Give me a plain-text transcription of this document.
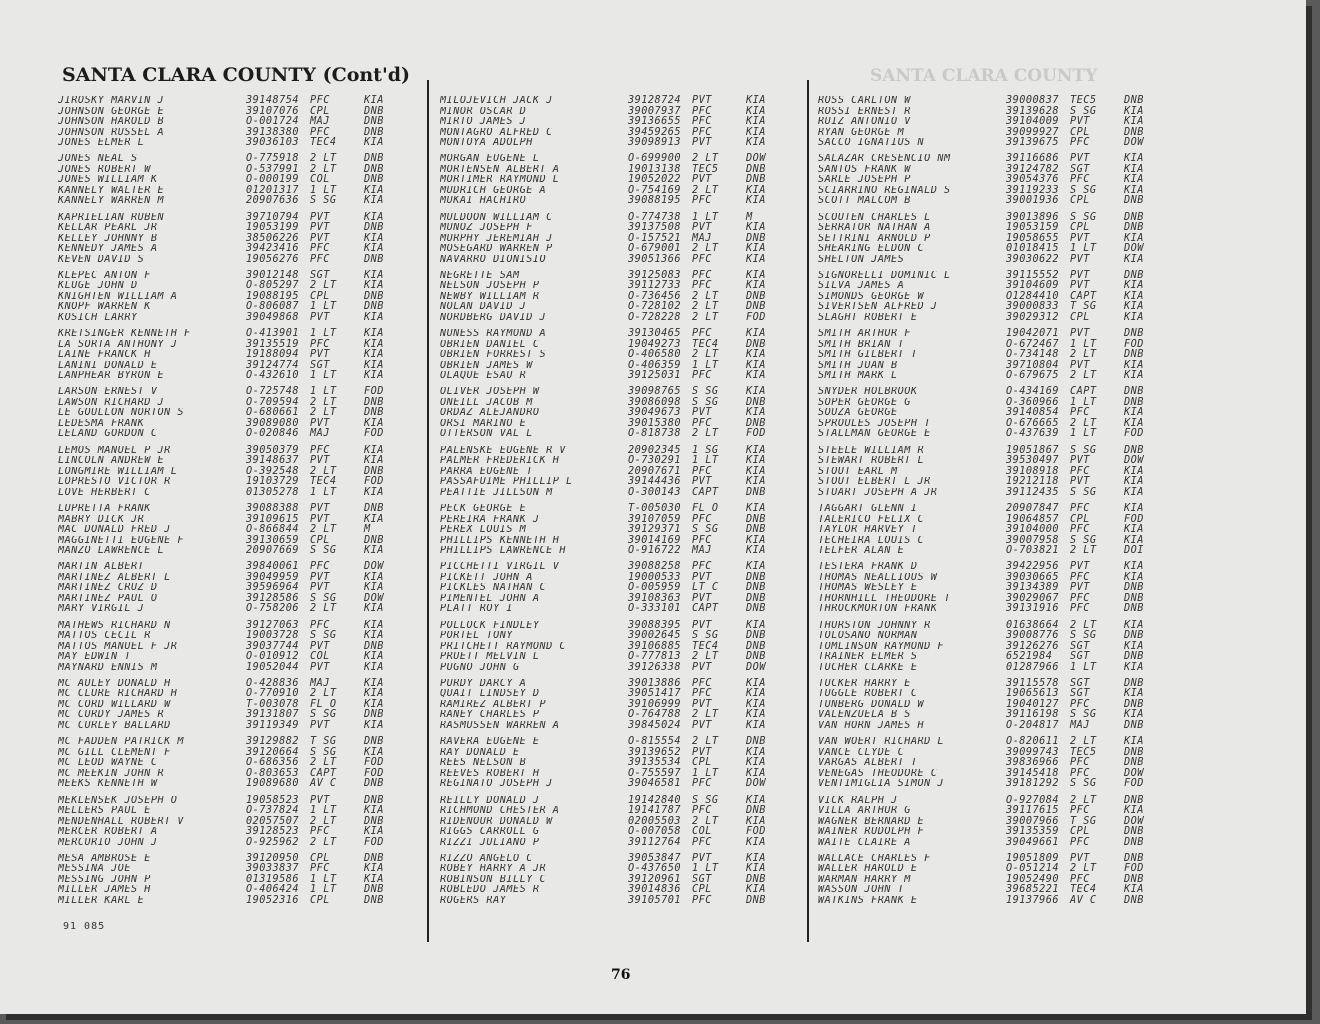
SANTA CLARA COUNTY
SANTA CLARA COUNTY (Cont'd)
JIROSKY MARVIN J	39148754	PFC	KIA
JOHNSON GEORGE E	39107076	CPL	DNB
JOHNSON HAROLD B	O-001724	MAJ	DNB
JOHNSON RUSSEL A	39138380	PFC	DNB
JONES ELMER L	39036103	TEC4	KIA
JONES NEAL S	O-775918	2 LT	DNB
JONES ROBERT W	O-537991	2 LT	DNB
JONES WILLIAM K	O-000199	COL	DNB
KANNELY WALTER E	01201317	1 LT	KIA
KANNELY WARREN M	20907636	S SG	KIA
KAPRIELIAN RUBEN	39710794	PVT	KIA
KELLAR PEARL JR	19053199	PVT	DNB
KELLEY JOHNNY B	38506226	PVT	KIA
KENNEDY JAMES A	39423416	PFC	KIA
KEVEN DAVID S	19056276	PFC	DNB
KLEPEC ANTON F	39012148	SGT	KIA
KLUGE JOHN D	O-805297	2 LT	KIA
KNIGHTEN WILLIAM A	19088195	CPL	DNB
KNOPF WARREN K	O-806087	1 LT	DNB
KOSICH LARRY	39049868	PVT	KIA
KRETSINGER KENNETH F	O-413901	1 LT	KIA
LA SORTA ANTHONY J	39135519	PFC	KIA
LAINE FRANCK H	19188094	PVT	KIA
LANINI DONALD E	39124774	SGT	KIA
LANPHEAR BYRON E	O-432610	1 LT	KIA
LARSON ERNEST V	O-725748	1 LT	FOD
LAWSON RICHARD J	O-709594	2 LT	DNB
LE GOULLON NORTON S	O-680661	2 LT	DNB
LEDESMA FRANK	39089080	PVT	KIA
LELAND GORDON C	O-020846	MAJ	FOD
LEMOS MANUEL P JR	39050379	PFC	KIA
LINCOLN ANDREW E	39148637	PVT	KIA
LONGMIRE WILLIAM L	O-392548	2 LT	DNB
LOPRESTO VICTOR R	19103729	TEC4	FOD
LOVE HERBERT C	01305278	1 LT	KIA
LUPRETTA FRANK	39088388	PVT	DNB
MABRY DICK JR	39109615	PVT	KIA
MAC DONALD FRED J	O-866844	2 LT	M
MAGGINETTI EUGENE F	39130659	CPL	DNB
MANZO LAWRENCE L	20907669	S SG	KIA
MARTIN ALBERT	39840061	PFC	DOW
MARTINEZ ALBERT L	39049959	PVT	KIA
MARTINEZ CRUZ D	39596964	PVT	KIA
MARTINEZ PAUL O	39128586	S SG	DOW
MARY VIRGIL J	O-758206	2 LT	KIA
MATHEWS RICHARD N	39127063	PFC	KIA
MATTOS CECIL R	19003728	S SG	KIA
MATTOS MANUEL F JR	39037744	PVT	DNB
MAY EDWIN T	O-010912	COL	KIA
MAYNARD ENNIS M	19052044	PVT	KIA
MC AULEY DONALD H	O-428836	MAJ	KIA
MC CLURE RICHARD H	O-770910	2 LT	KIA
MC CORD WILLARD W	T-003078	FL O	KIA
MC CURDY JAMES R	39131807	S SG	DNB
MC CURLEY BALLARD	39119349	PVT	KIA
MC FADDEN PATRICK M	39129882	T SG	DNB
MC GILL CLEMENT F	39120664	S SG	KIA
MC LEOD WAYNE C	O-686356	2 LT	FOD
MC MEEKIN JOHN R	O-803653	CAPT	FOD
MEEKS KENNETH W	19089680	AV C	DNB
MEKLENSEK JOSEPH O	19058523	PVT	DNB
MELLERS PAUL E	O-737824	1 LT	KIA
MENDENHALL ROBERT V	02057507	2 LT	DNB
MERCER ROBERT A	39128523	PFC	KIA
MERCURIO JOHN J	O-925962	2 LT	FOD
MESA AMBROSE E	39120950	CPL	DNB
MESSINA JOE	39033837	PFC	KIA
MESSING JOHN P	01319586	1 LT	KIA
MILLER JAMES H	O-406424	1 LT	DNB
MILLER KARL E	19052316	CPL	DNB
MILOJEVICH JACK J	39128724	PVT	KIA
MINOR OSCAR D	39007937	PFC	KIA
MIRTO JAMES J	39136655	PFC	KIA
MONTAGRO ALFRED C	39459265	PFC	KIA
MONTOYA ADOLPH	39098913	PVT	KIA
MORGAN EUGENE L	O-699900	2 LT	DOW
MORTENSEN ALBERT A	19013138	TEC5	DNB
MORTIMER RAYMOND L	19052022	PVT	DNB
MUDRICH GEORGE A	O-754169	2 LT	KIA
MUKAI HACHIRO	39088195	PFC	KIA
MULDOON WILLIAM C	O-774738	1 LT	M
MUNOZ JOSEPH F	39137508	PVT	KIA
MURPHY JEREMIAH J	O-157521	MAJ	DNB
MOSEGARD WARREN P	O-679001	2 LT	KIA
NAVARRO DIONISIO	39051366	PFC	KIA
NEGRETTE SAM	39125083	PFC	KIA
NELSON JOSEPH P	39112733	PFC	KIA
NEWBY WILLIAM R	O-736456	2 LT	DNB
NOLAN DAVID J	O-728102	2 LT	DNB
NORDBERG DAVID J	O-728228	2 LT	FOD
NUNESS RAYMOND A	39130465	PFC	KIA
OBRIEN DANIEL C	19049273	TEC4	DNB
OBRIEN FORREST S	O-406580	2 LT	KIA
OBRIEN JAMES W	O-406359	1 LT	KIA
OLAQUE ESAU R	39125031	PFC	KIA
OLIVER JOSEPH W	39098765	S SG	KIA
ONEILL JACOB M	39086098	S SG	DNB
ORDAZ ALEJANDRO	39049673	PVT	KIA
ORSI MARINO E	39015380	PFC	DNB
OTTERSON VAL L	O-818738	2 LT	FOD
PALENSKE EUGENE R V	20902345	1 SG	KIA
PALMER FREDERICK H	O-730291	1 LT	KIA
PARRA EUGENE T	20907671	PFC	KIA
PASSAFUIME PHILLIP L	39144436	PVT	KIA
PEATTIE JILLSON M	O-300143	CAPT	DNB
PECK GEORGE E	T-005030	FL O	KIA
PEREIRA FRANK J	39107059	PFC	DNB
PEREX LOUIS M	39129371	S SG	DNB
PHILLIPS KENNETH H	39014169	PFC	KIA
PHILLIPS LAWRENCE H	O-916722	MAJ	KIA
PICCHETTI VIRGIL V	39088258	PFC	KIA
PICKETT JOHN A	19000533	PVT	DNB
PICKLES NATHAN C	O-005959	LT C	DNB
PIMENTEL JOHN A	39108363	PVT	DNB
PLATT ROY I	O-333101	CAPT	DNB
POLLOCK FINDLEY	39088395	PVT	KIA
PORTEL TONY	39002645	S SG	DNB
PRITCHETT RAYMOND C	39106885	TEC4	DNB
PRUETT MELVIN L	O-777813	2 LT	DNB
PUGNO JOHN G	39126338	PVT	DOW
PURDY DARCY A	39013886	PFC	KIA
QUAIT LINDSEY D	39051417	PFC	KIA
RAMIREZ ALBERT P	39106999	PVT	KIA
RANEY CHARLES P	O-764788	2 LT	KIA
RASMUSSEN WARREN A	39845024	PVT	KIA
RAVERA EUGENE E	O-815554	2 LT	DNB
RAY DONALD E	39139652	PVT	KIA
REES NELSON B	39135534	CPL	KIA
REEVES ROBERT H	O-755597	1 LT	KIA
REGINATO JOSEPH J	39046581	PFC	DOW
REILLY DONALD J	19142840	S SG	KIA
RICHMOND CHESTER A	19141787	PFC	DNB
RIDENOUR DONALD W	02005503	2 LT	KIA
RIGGS CARROLL G	O-007058	COL	FOD
RIZZI JULIANO P	39112764	PFC	KIA
RIZZO ANGELO C	39053847	PVT	KIA
ROBEY HARRY A JR	O-437650	1 LT	KIA
ROBINSON BILLY C	39120961	SGT	DNB
ROBLEDO JAMES R	39014836	CPL	KIA
ROGERS RAY	39105701	PFC	DNB
ROSS CARLTON W	39000837	TEC5	DNB
ROSSI ERNEST R	39139628	S SG	KIA
RUIZ ANTONIO V	39104009	PVT	KIA
RYAN GEORGE M	39099927	CPL	DNB
SACCO IGNATIUS N	39139675	PFC	DOW
SALAZAR CRESENCIO NM	39116686	PVT	KIA
SANTOS FRANK W	39124782	SGT	KIA
SARLE JOSEPH P	39054376	PFC	KIA
SCIARRINO REGINALD S	39119233	S SG	KIA
SCOTT MALCOM B	39001936	CPL	DNB
SCOUTEN CHARLES L	39013896	S SG	DNB
SERRATOR NATHAN A	19053159	CPL	DNB
SETTRINI ARNOLD P	19058655	PVT	KIA
SHEARING ELDON C	01018415	1 LT	DOW
SHELTON JAMES	39030622	PVT	KIA
SIGNORELLI DOMINIC L	39115552	PVT	DNB
SILVA JAMES A	39104609	PVT	KIA
SIMONDS GEORGE W	O1284410	CAPT	KIA
SIVERTSEN ALFRED J	39000833	T SG	KIA
SLAGHT ROBERT E	39029312	CPL	KIA
SMITH ARTHUR F	19042071	PVT	DNB
SMITH BRIAN T	O-672467	1 LT	FOD
SMITH GILBERT T	O-734148	2 LT	DNB
SMITH JUAN B	39710804	PVT	KIA
SMITH MARK L	O-679675	2 LT	KIA
SNYDER HOLBROOK	O-434169	CAPT	DNB
SOPER GEORGE G	O-360966	1 LT	DNB
SOUZA GEORGE	39140854	PFC	KIA
SPROULES JOSEPH T	O-676665	2 LT	KIA
STALLMAN GEORGE E	O-437639	1 LT	FOD
STEELE WILLIAM R	19051867	S SG	DNB
STEWART ROBERT L	39530497	PVT	DOW
STOUT EARL M	39108918	PFC	KIA
STOUT ELBERT L JR	19212118	PVT	KIA
STUART JOSEPH A JR	39112435	S SG	KIA
TAGGART GLENN I	20907847	PFC	KIA
TALERICO FELIX C	19064857	CPL	FOD
TAYLOR HARVEY T	39104000	PFC	KIA
TECHEIRA LOUIS C	39007958	S SG	KIA
TELFER ALAN E	O-703821	2 LT	DOI
TESTERA FRANK D	39422956	PVT	KIA
THOMAS NEALLIOUS W	39030665	PFC	KIA
THOMAS WESLEY E	39134389	PVT	DNB
THORNHILL THEODORE T	39029067	PFC	DNB
THROCKMORTON FRANK	39131916	PFC	DNB
THURSTON JOHNNY R	01638664	2 LT	KIA
TOLOSANO NORMAN	39008776	S SG	DNB
TOMLINSON RAYMOND F	39126276	SGT	KIA
TRAINER ELMER S	6521984	SGT	DNB
TUCHER CLARKE E	01287966	1 LT	KIA
TUCKER HARRY E	39115578	SGT	DNB
TUGGLE ROBERT C	19065613	SGT	KIA
TUNBERG DONALD W	19040127	PFC	DNB
VALENZUELA B S	39116198	S SG	KIA
VAN HORN JAMES H	O-204817	MAJ	DNB
VAN WOERT RICHARD L	O-820611	2 LT	KIA
VANCE CLYDE C	39099743	TEC5	DNB
VARGAS ALBERT T	39836966	PFC	DNB
VENEGAS THEODORE C	39145418	PFC	DOW
VENTIMIGLIA SIMON J	39181292	S SG	FOD
VICK RALPH J	O-927084	2 LT	DNB
VILLA ARTHUR G	39117615	PFC	KIA
WAGNER BERNARD E	39007966	T SG	DOW
WAINER RUDOLPH F	39135359	CPL	DNB
WAITE CLAIRE A	39049661	PFC	DNB
WALLACE CHARLES F	19051809	PVT	DNB
WALLER HAROLD E	O-051214	2 LT	FOD
WARMAN HARRY M	19052490	PFC	DNB
WASSON JOHN T	39685221	TEC4	KIA
WATKINS FRANK E	19137966	AV C	DNB
91 085
76
